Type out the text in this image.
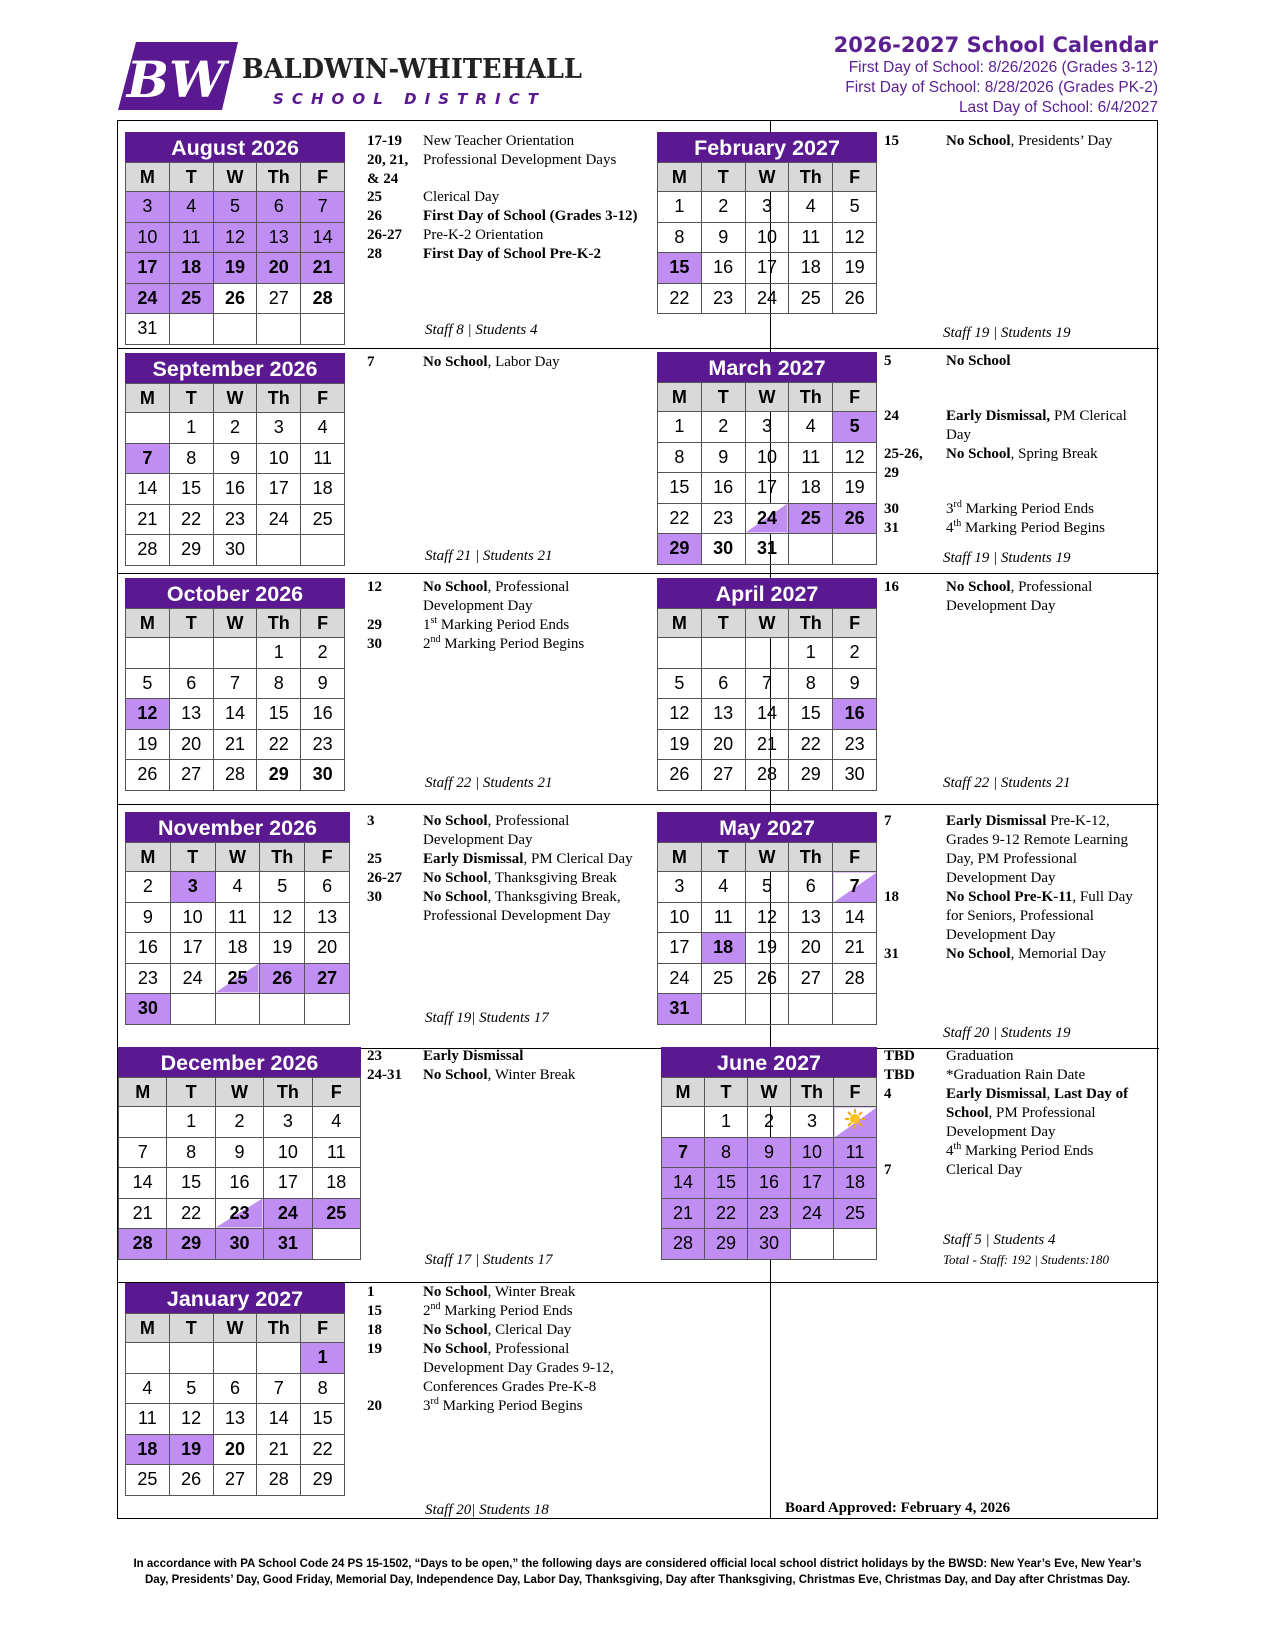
BW BALDWIN-WHITEHALL
SCHOOL DISTRICT
2026-2027 School Calendar
First Day of School: 8/26/2026 (Grades 3-12)
First Day of School: 8/28/2026 (Grades PK-2)
Last Day of School: 6/4/2027
August 2026
M	T	W	Th	F
3	4	5	6	7
10	11	12	13	14
17	18	19	20	21
24	25	26	27	28
31				
17-19	New Teacher Orientation
20, 21,
& 24
Professional Development Days
25	Clerical Day
26	First Day of School (Grades 3-12)
26-27	Pre-K-2 Orientation
28	First Day of School Pre-K-2
Staff 8 | Students 4
September 2026
M	T	W	Th	F
	1	2	3	4
7	8	9	10	11
14	15	16	17	18
21	22	23	24	25
28	29	30		
7	No School, Labor Day
Staff 21 | Students 21
October 2026
M	T	W	Th	F
			1	2
5	6	7	8	9
12	13	14	15	16
19	20	21	22	23
26	27	28	29	30
12	No School, Professional Development Day
29	1st Marking Period Ends
30	2nd Marking Period Begins
Staff 22 | Students 21
November 2026
M	T	W	Th	F
2	3	4	5	6
9	10	11	12	13
16	17	18	19	20
23	24	25	26	27
30				
3	No School, Professional Development Day
25	Early Dismissal, PM Clerical Day
26-27	No School, Thanksgiving Break
30	No School, Thanksgiving Break, Professional Development Day
Staff 19| Students 17
December 2026
M	T	W	Th	F
	1	2	3	4
7	8	9	10	11
14	15	16	17	18
21	22	23	24	25
28	29	30	31	
23	Early Dismissal
24-31	No School, Winter Break
Staff 17 | Students 17
January 2027
M	T	W	Th	F
				1
4	5	6	7	8
11	12	13	14	15
18	19	20	21	22
25	26	27	28	29
1	No School, Winter Break
15	2nd Marking Period Ends
18	No School, Clerical Day
19	No School, Professional Development Day Grades 9-12, Conferences Grades Pre-K-8
20	3rd Marking Period Begins
Staff 20| Students 18
February 2027
M	T	W	Th	F
1	2	3	4	5
8	9	10	11	12
15	16	17	18	19
22	23	24	25	26
15	No School, Presidents’ Day
Staff 19 | Students 19
March 2027
M	T	W	Th	F
1	2	3	4	5
8	9	10	11	12
15	16	17	18	19
22	23	24	25	26
29	30	31		
5	No School
24	Early Dismissal, PM Clerical Day
25-26,
29
No School, Spring Break
30	3rd Marking Period Ends
31	4th Marking Period Begins
Staff 19 | Students 19
April 2027
M	T	W	Th	F
			1	2
5	6	7	8	9
12	13	14	15	16
19	20	21	22	23
26	27	28	29	30
16	No School, Professional Development Day
Staff 22 | Students 21
May 2027
M	T	W	Th	F
3	4	5	6	7
10	11	12	13	14
17	18	19	20	21
24	25	26	27	28
31				
7	Early Dismissal Pre-K-12, Grades 9-12 Remote Learning Day, PM Professional Development Day
18	No School Pre-K-11, Full Day for Seniors, Professional Development Day
31	No School, Memorial Day
Staff 20 | Students 19
June 2027
M	T	W	Th	F
	1	2	3	
7	8	9	10	11
14	15	16	17	18
21	22	23	24	25
28	29	30		
TBD	Graduation
TBD	*Graduation Rain Date
4	Early Dismissal, Last Day of School, PM Professional Development Day
4th Marking Period Ends
7	Clerical Day
Staff 5 | Students 4
Total - Staff: 192 | Students:180
Board Approved: February 4, 2026
In accordance with PA School Code 24 PS 15-1502, “Days to be open,” the following days are considered official local school district holidays by the BWSD: New Year’s Eve, New Year’s Day, Presidents’ Day, Good Friday, Memorial Day, Independence Day, Labor Day, Thanksgiving, Day after Thanksgiving, Christmas Eve, Christmas Day, and Day after Christmas Day.
